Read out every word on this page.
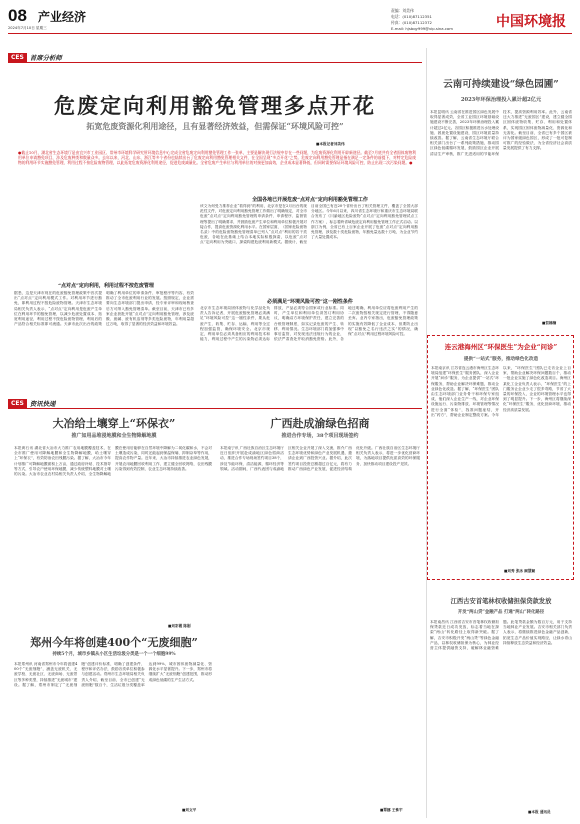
08 产业经济
2024年7月10日 星期三
责编：刘美伟
电话：(010)87112351
传真：(010)87112372
E-mail: hjsbqy999@vip.sina.com	中国环境报
CES 首席分析师
危废定向利用豁免管理多点开花
拓宽危废资源化利用途径，且有显著经济效益，但需保证“环境风险可控”
■本报记者刘美伟
●截止10月，湖北省生态环境厅是由宜兴市工业园区、常州市环境科学研究所环境信息中心完成全省危废定向利用豁免管理工作一张单，主要是解决现行法规中存在一些问题，为危废资源化利用开辟新途径。截至7月底共有全省固体废物利用单位申请豁免项目，涉及危废种类和数量众多。去年以来，河北、山东、浙江等多个省份也陆续出台了危废定向利用豁免管理相关文件，在全国呈现“多点开花”之势。危废定向利用豁免管理是指在满足一定条件的前提下，对特定危险废物的利用环节实施豁免管理，利用过程不按危险废物管理，以此拓宽危废资源化利用途径，促进危废减量化。全省危废产生单位与利用单位的对接更加高效，企业成本显著降低，但同时需要保证环境风险可控，防止出现二次污染问题。●
全国各地已开展危废“点对点”定向利用豁免管理工作
该文为何受力推荐企业“看得到”的利用，北京市是在2月出台的规范性文件，对危废定向利用豁免管理工作做出了明确规定，对全市危废“点对点”定向利用豁免管理的申请条件、申请程序、监督管理等提出了明确要求，并鼓励危废产生单位和利用单位积极开展对接合作，提高危废资源化利用水平。在国家层面，《国家危险废物名录》中的危险废物豁免管理清单已列入“点对点”利用的若干类危废，各地在此基础上结合本地实际积极探索，以危废“点对点”定向利用为突破口，探索构建危废利用新模式。据统计，截至目前全国已有近20个省份出台了相关管理文件，覆盖了全国大部分地区。今年6月以来，四川省生态环境厅和重庆市生态环境局联合发布了《川渝地区危险废物“点对点”定向利用豁免管理试点工作方案》，标志着跨省域危废定向利用豁免管理工作正式启动。以浙江为例，全省已有上百家企业开展了危废“点对点”定向利用豁免管理，涉及数十类危险废物，年豁免量达数十万吨，为企业节约了大量处置成本。
必须满足“环境风险可控”这一刚性条件
北京市生态环境局固体废物与化学品处负责人告诉记者，开展危废豁免管理必须满足“环境风险可控”这一刚性条件，要从危废产生、收集、贮存、运输、利用等全过程加强监管，确保环境安全。北京市规定，利用单位必须具备相应的利用技术和能力，利用过程中产生的污染物必须达标排放，产品必须符合国家或行业标准。同时，产生单位和利用单位须签订利用协议，明确双方环境保护责任，建立完善的台账管理制度，如实记录危废的产生、转移、利用情况。生态环境部门将加强事中事后监管，对发现违法违规行为的企业，依法严肃查处并取消豁免资格。此外，各地还明确，利用单位应将危废利用产生的二次废物按相关规定进行管理，不得随意丢弃。业内专家指出，危废豁免管理政策的实施有效降低了企业成本，但要防止出现“以豁免之名行违法之实”的情况，确保“点对点”利用过程环境风险可控。
“点对点”定向利用，利用过程不按危废管理
据悉，这是天津市现在的危废豁免管理政策中首次提出“点对点”定向利用模式工作。对利用环节进行豁免，即利用过程不按危险废物管理。天津市生态环境局相关负责人表示，“点对点”定向利用是危废产生单位在利用环节的豁免管理，以减少危废处置成本、拓宽利用途径，利用过程不按危险废物管理，利用后的产品符合相关标准即可流通。天津市此次出台的政策明确了利用单位的申请条件、审批程序等内容，有效推动了全市危废利用行业的发展。按照规定，企业需要向生态环境部门提出申请，经专家评审和现场核查后方可纳入豁免管理清单。截至目前，天津市已有多家企业获批开展“点对点”定向利用豁免管理，涉及废酸、废碱、废有机溶剂等多类危险废物，年利用量超过万吨，取得了显著的经济效益和环境效益。
云南可持续建设“绿色园圃”
2023年环保治理投入累计超2亿元
本报昆明讯 云南省在推进园区绿色发展中取得显著成效，全省工业园区环境基础设施建设不断完善，2023年环保治理投入累计超过2亿元。各园区积极推进污水处理设施、固废处置设施建设，园区环境质量持续改善。据了解，云南省生态环境厅联合相关部门出台了一系列政策措施，推动园区绿色低碳循环发展，鼓励园区企业开展清洁生产审核，推广先进适用的节能环保技术，提高资源利用效率。此外，云南省还大力推进“无废园区”建设，建立健全园区固体废物收集、贮存、利用和处置体系，实现园区固体废物减量化、资源化和无害化。截至目前，全省已有多个园区被评为国家级绿色园区，形成了一批可复制可推广的经验做法，为全省经济社会高质量发展提供了有力支撑。
■贺楠楠
连云港海州区“环保医生”为企业“问诊”
提供“一站式”服务，推动绿色化改造
本报南京讯 江苏省连云港市海州区生态环境局组建“环保医生”服务团队，深入企业开展“问诊”服务，为企业提供“一站式”环保服务，帮助企业解决环保难题，推动企业绿色化改造。据了解，“环保医生”团队由生态环境部门业务骨干和环保专家组成，他们深入企业生产一线，对企业环保设施运行、污染物排放、环境管理等情况进行全面“体检”，找准问题症结，开出“药方”，帮助企业制定整改方案。今年以来，“环保医生”团队已走访企业上百家，帮助企业解决环保问题数百个，推动一批企业实施了绿色化改造项目。海州区某化工企业负责人表示，“环保医生”的上门服务让企业少走了很多弯路，节省了大量的环保投入，企业的环境管理水平也得到了明显提升。下一步，海州区将继续深化“环保医生”服务，优化营商环境，推动经济高质量发展。
■刘秀 张冰 顾慧颖
江西古安首笔林权收储担保贷款发放
开发“两山贷”金融产品 打通“两山”转化路径
本报南昌讯 江西省吉安市首笔林权收储担保贷款近日成功发放，标志着当地在探索“两山”转化路径上取得新突破。据了解，吉安市积极开发“两山贷”等绿色金融产品，以林权收储担保为核心，为林业经营主体提供融资支持，破解林业融资难题。此笔贷款金额为数百万元，用于支持当地林业产业发展。吉安市相关部门负责人表示，将继续推进绿色金融产品创新，拓宽生态产品价值实现路径，让绿水青山持续释放生态效益和经济效益。
■本报 通讯员
CES 资讯快递
大冶给土壤穿上“环保衣”
推广如用品堆浸地膜和全生物降解地膜
本报黄石讯 湖北省大冶市大力推广农用地膜覆盖技术，在全市推广使用可降解地膜和全生物降解地膜，给土壤穿上“环保衣”，有效防治农田残膜污染。据了解，大冶市今年计划推广可降解地膜面积上万亩，通过政府补贴、技术指导等方式，引导农户使用环保地膜，减少传统塑料地膜对土壤的污染。大冶市农业农村局相关负责人介绍，全生物降解地膜在使用后能够在自然环境中降解为二氧化碳和水，不会对土壤造成污染，同时还能起到保温保墒、抑制杂草等作用，提高农作物产量。近年来，大冶市持续推进农业绿色发展，开展农用地膜回收利用工作，建立健全回收网络，农田残膜污染得到有效控制，农业生态环境持续改善。
■刘彩霞 陈刚
广西赴成渝绿色招商
推进合作专场，38个项目现场签约
本报南宁讯 广西壮族自治区生态环境厅近日组织开展赴成渝地区绿色招商活动，推进合作专场现场签约项目38个，涉及节能环保、清洁能源、循环经济等领域。活动期间，广西代表团与成渝地区相关企业开展了深入交流，推介广西生态环境优势和绿色产业发展机遇，邀请企业到广西投资兴业。据介绍，此次签约项目投资总额超过百亿元，将有力推动广西绿色产业发展，促进经济结构优化升级。广西壮族自治区生态环境厅相关负责人表示，将进一步优化营商环境，为落地项目提供优质高效的环保服务，加快推动项目建设投产见效。
■覃娜 王惟宇
郑州今年将创建400个“无废细胞”
持续5个月，城市乡镇从小区生活垃圾分类是一个一个细胞99%
本报郑州讯 河南省郑州市今年将创建400个“无废细胞”，涵盖无废机关、无废学校、无废社区、无废商场、无废景区等多种类型，持续推进“无废城市”建设。据了解，郑州市制定了“无废细胞”创建评价标准，明确了创建条件、程序和评估办法，鼓励各类单位积极参与创建活动。郑州市生态环境局相关负责人介绍，截至目前，全市已创建“无废细胞”数百个，生活垃圾分类覆盖率达到99%，城市固体废物减量化、资源化水平显著提升。下一步，郑州市将继续扩大“无废细胞”创建范围，推动形成绿色低碳的生产生活方式。
■刘文平
